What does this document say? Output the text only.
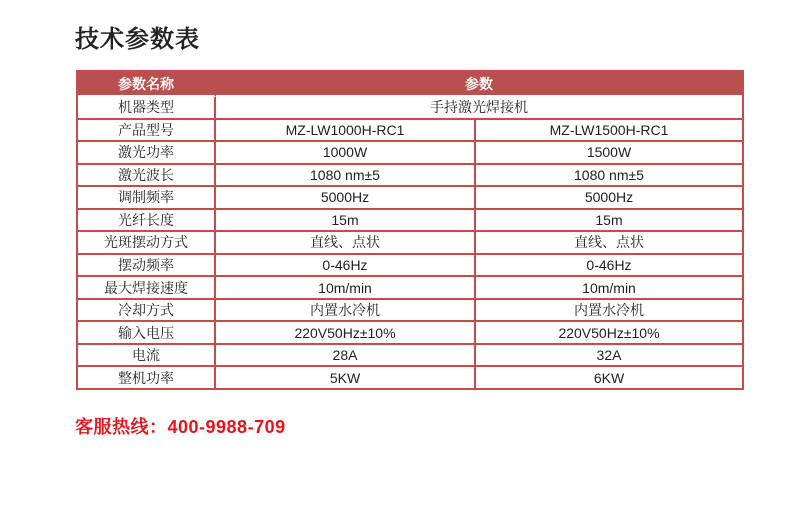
技术参数表
参数名称	参数	
机器类型	手持激光焊接机	
产品型号	MZ-LW1000H-RC1	MZ-LW1500H-RC1
激光功率	1000W	1500W
激光波长	1080 nm±5	1080 nm±5
调制频率	5000Hz	5000Hz
光纤长度	15m	15m
光斑摆动方式	直线、点状	直线、点状
摆动频率	0-46Hz	0-46Hz
最大焊接速度	10m/min	10m/min
冷却方式	内置水冷机	内置水冷机
输入电压	220V50Hz±10%	220V50Hz±10%
电流	28A	32A
整机功率	5KW	6KW
客服热线：400-9988-709
